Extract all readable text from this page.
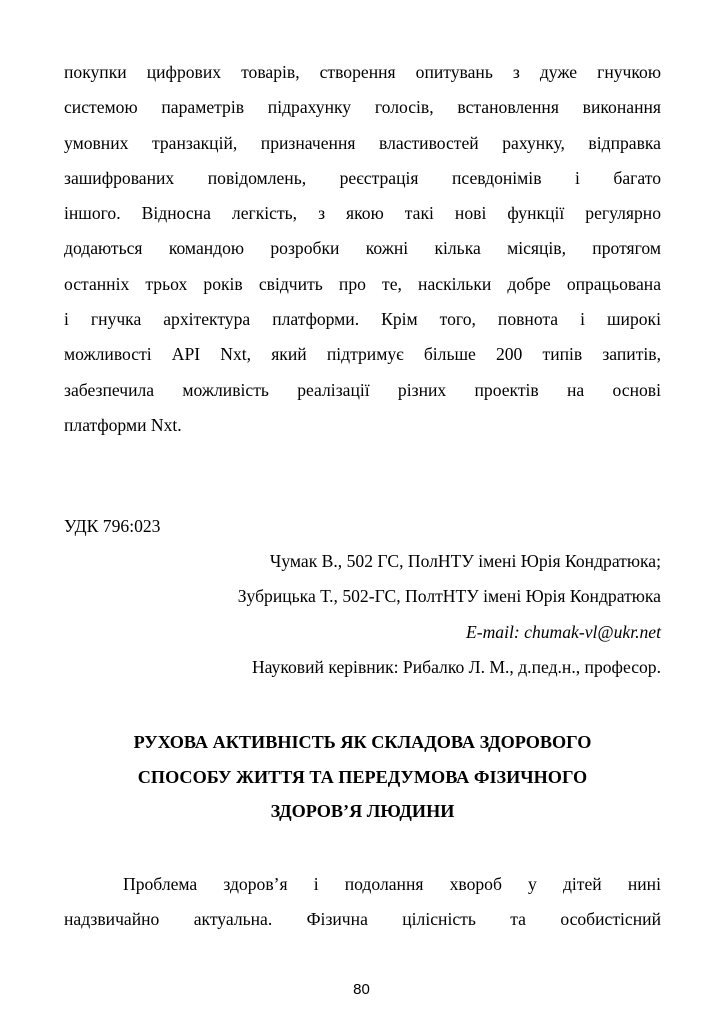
покупки цифрових товарів, створення опитувань з дуже гнучкою
системою параметрів підрахунку голосів, встановлення виконання
умовних транзакцій, призначення властивостей рахунку, відправка
зашифрованих повідомлень, реєстрація псевдонімів і багато
іншого. Відносна легкість, з якою такі нові функції регулярно
додаються командою розробки кожні кілька місяців, протягом
останніх трьох років свідчить про те, наскільки добре опрацьована
і гнучка архітектура платформи. Крім того, повнота і широкі
можливості API Nxt, який підтримує більше 200 типів запитів,
забезпечила можливість реалізації різних проектів на основі
платформи Nxt.
УДК 796:023
Чумак В., 502 ГС, ПолНТУ імені Юрія Кондратюка;
Зубрицька Т., 502-ГС, ПолтНТУ імені Юрія Кондратюка
E-mail: chumak-vl@ukr.net
Науковий керівник: Рибалко Л. М., д.пед.н., професор.
РУХОВА АКТИВНІСТЬ ЯК СКЛАДОВА ЗДОРОВОГО
СПОСОБУ ЖИТТЯ ТА ПЕРЕДУМОВА ФІЗИЧНОГО
ЗДОРОВ’Я ЛЮДИНИ
Проблема здоров’я і подолання хвороб у дітей нині
надзвичайно актуальна. Фізична цілісність та особистісний
80
